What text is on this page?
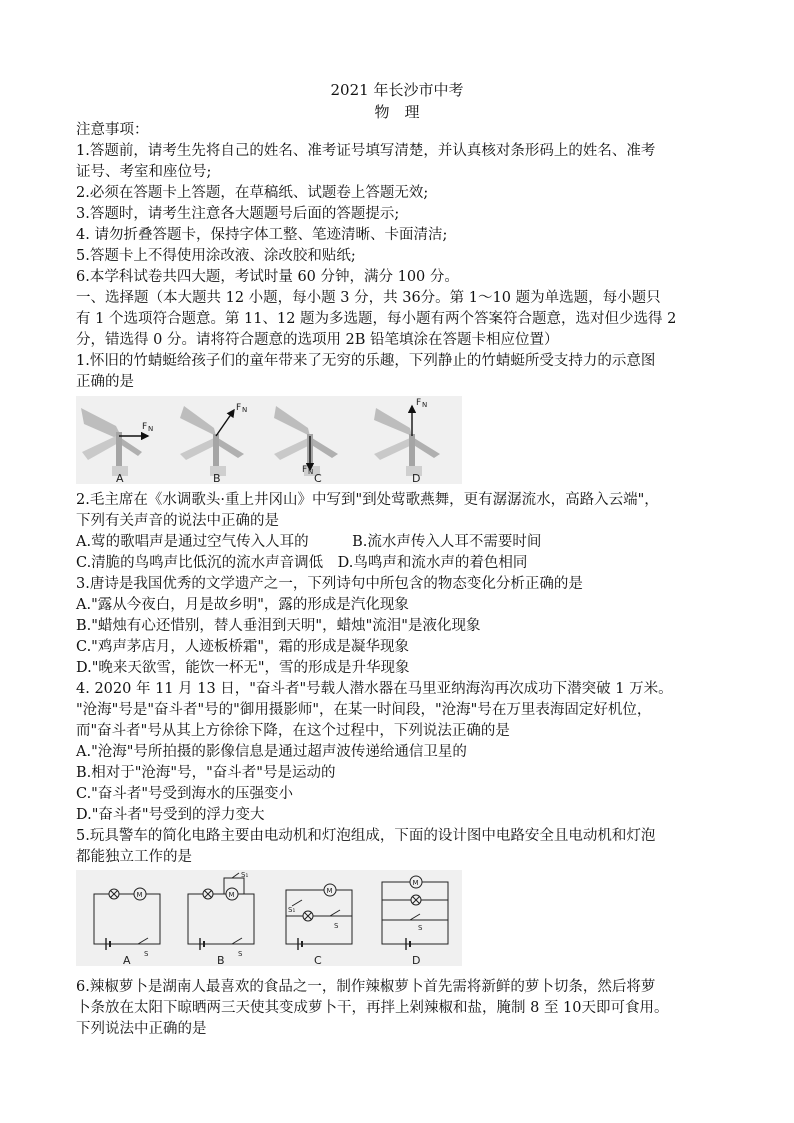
2021 年长沙市中考
物　理
注意事项：
1.答题前，请考生先将自己的姓名、准考证号填写清楚，并认真核对条形码上的姓名、准考
证号、考室和座位号;
2.必须在答题卡上答题，在草稿纸、试题卷上答题无效;
3.答题时，请考生注意各大题题号后面的答题提示;
4. 请勿折叠答题卡，保持字体工整、笔迹清晰、卡面清洁;
5.答题卡上不得使用涂改液、涂改胶和贴纸;
6.本学科试卷共四大题，考试时量 60 分钟，满分 100 分。
一、选择题（本大题共 12 小题，每小题 3 分，共 36分。第 1～10 题为单选题，每小题只
有 1 个选项符合题意。第 11、12 题为多选题，每小题有两个答案符合题意，选对但少选得 2
分，错选得 0 分。请将符合题意的选项用 2B 铅笔填涂在答题卡相应位置）
1.怀旧的竹蜻蜓给孩子们的童年带来了无穷的乐趣，下列静止的竹蜻蜓所受支持力的示意图
正确的是
F N
A
F N
B
F N C
F N
D
2.毛主席在《水调歌头·重上井冈山》中写到"到处莺歌燕舞，更有潺潺流水，高路入云端"，
下列有关声音的说法中正确的是
A.莺的歌唱声是通过空气传入人耳的　　　B.流水声传入人耳不需要时间
C.清脆的鸟鸣声比低沉的流水声音调低　D.鸟鸣声和流水声的着色相同
3.唐诗是我国优秀的文学遗产之一，下列诗句中所包含的物态变化分析正确的是
A."露从今夜白，月是故乡明"，露的形成是汽化现象
B."蜡烛有心还惜别，替人垂泪到天明"，蜡烛"流泪"是液化现象
C."鸡声茅店月，人迹板桥霜"，霜的形成是凝华现象
D."晚来天欲雪，能饮一杯无"，雪的形成是升华现象
4. 2020 年 11 月 13 日，"奋斗者"号载人潜水器在马里亚纳海沟再次成功下潜突破 1 万米。
"沧海"号是"奋斗者"号的"御用摄影师"，在某一时间段，"沧海"号在万里表海固定好机位，
而"奋斗者"号从其上方徐徐下降，在这个过程中，下列说法正确的是
A."沧海"号所拍摄的影像信息是通过超声波传递给通信卫星的
B.相对于"沧海"号，"奋斗者"号是运动的
C."奋斗者"号受到海水的压强变小
D."奋斗者"号受到的浮力变大
5.玩具警车的简化电路主要由电动机和灯泡组成，下面的设计图中电路安全且电动机和灯泡
都能独立工作的是
M
S
A
M
S₁
S
B
M
S₁
S
C
M
S
D
6.辣椒萝卜是湖南人最喜欢的食品之一，制作辣椒萝卜首先需将新鲜的萝卜切条，然后将萝
卜条放在太阳下晾晒两三天使其变成萝卜干，再拌上剁辣椒和盐，腌制 8 至 10天即可食用。
下列说法中正确的是
